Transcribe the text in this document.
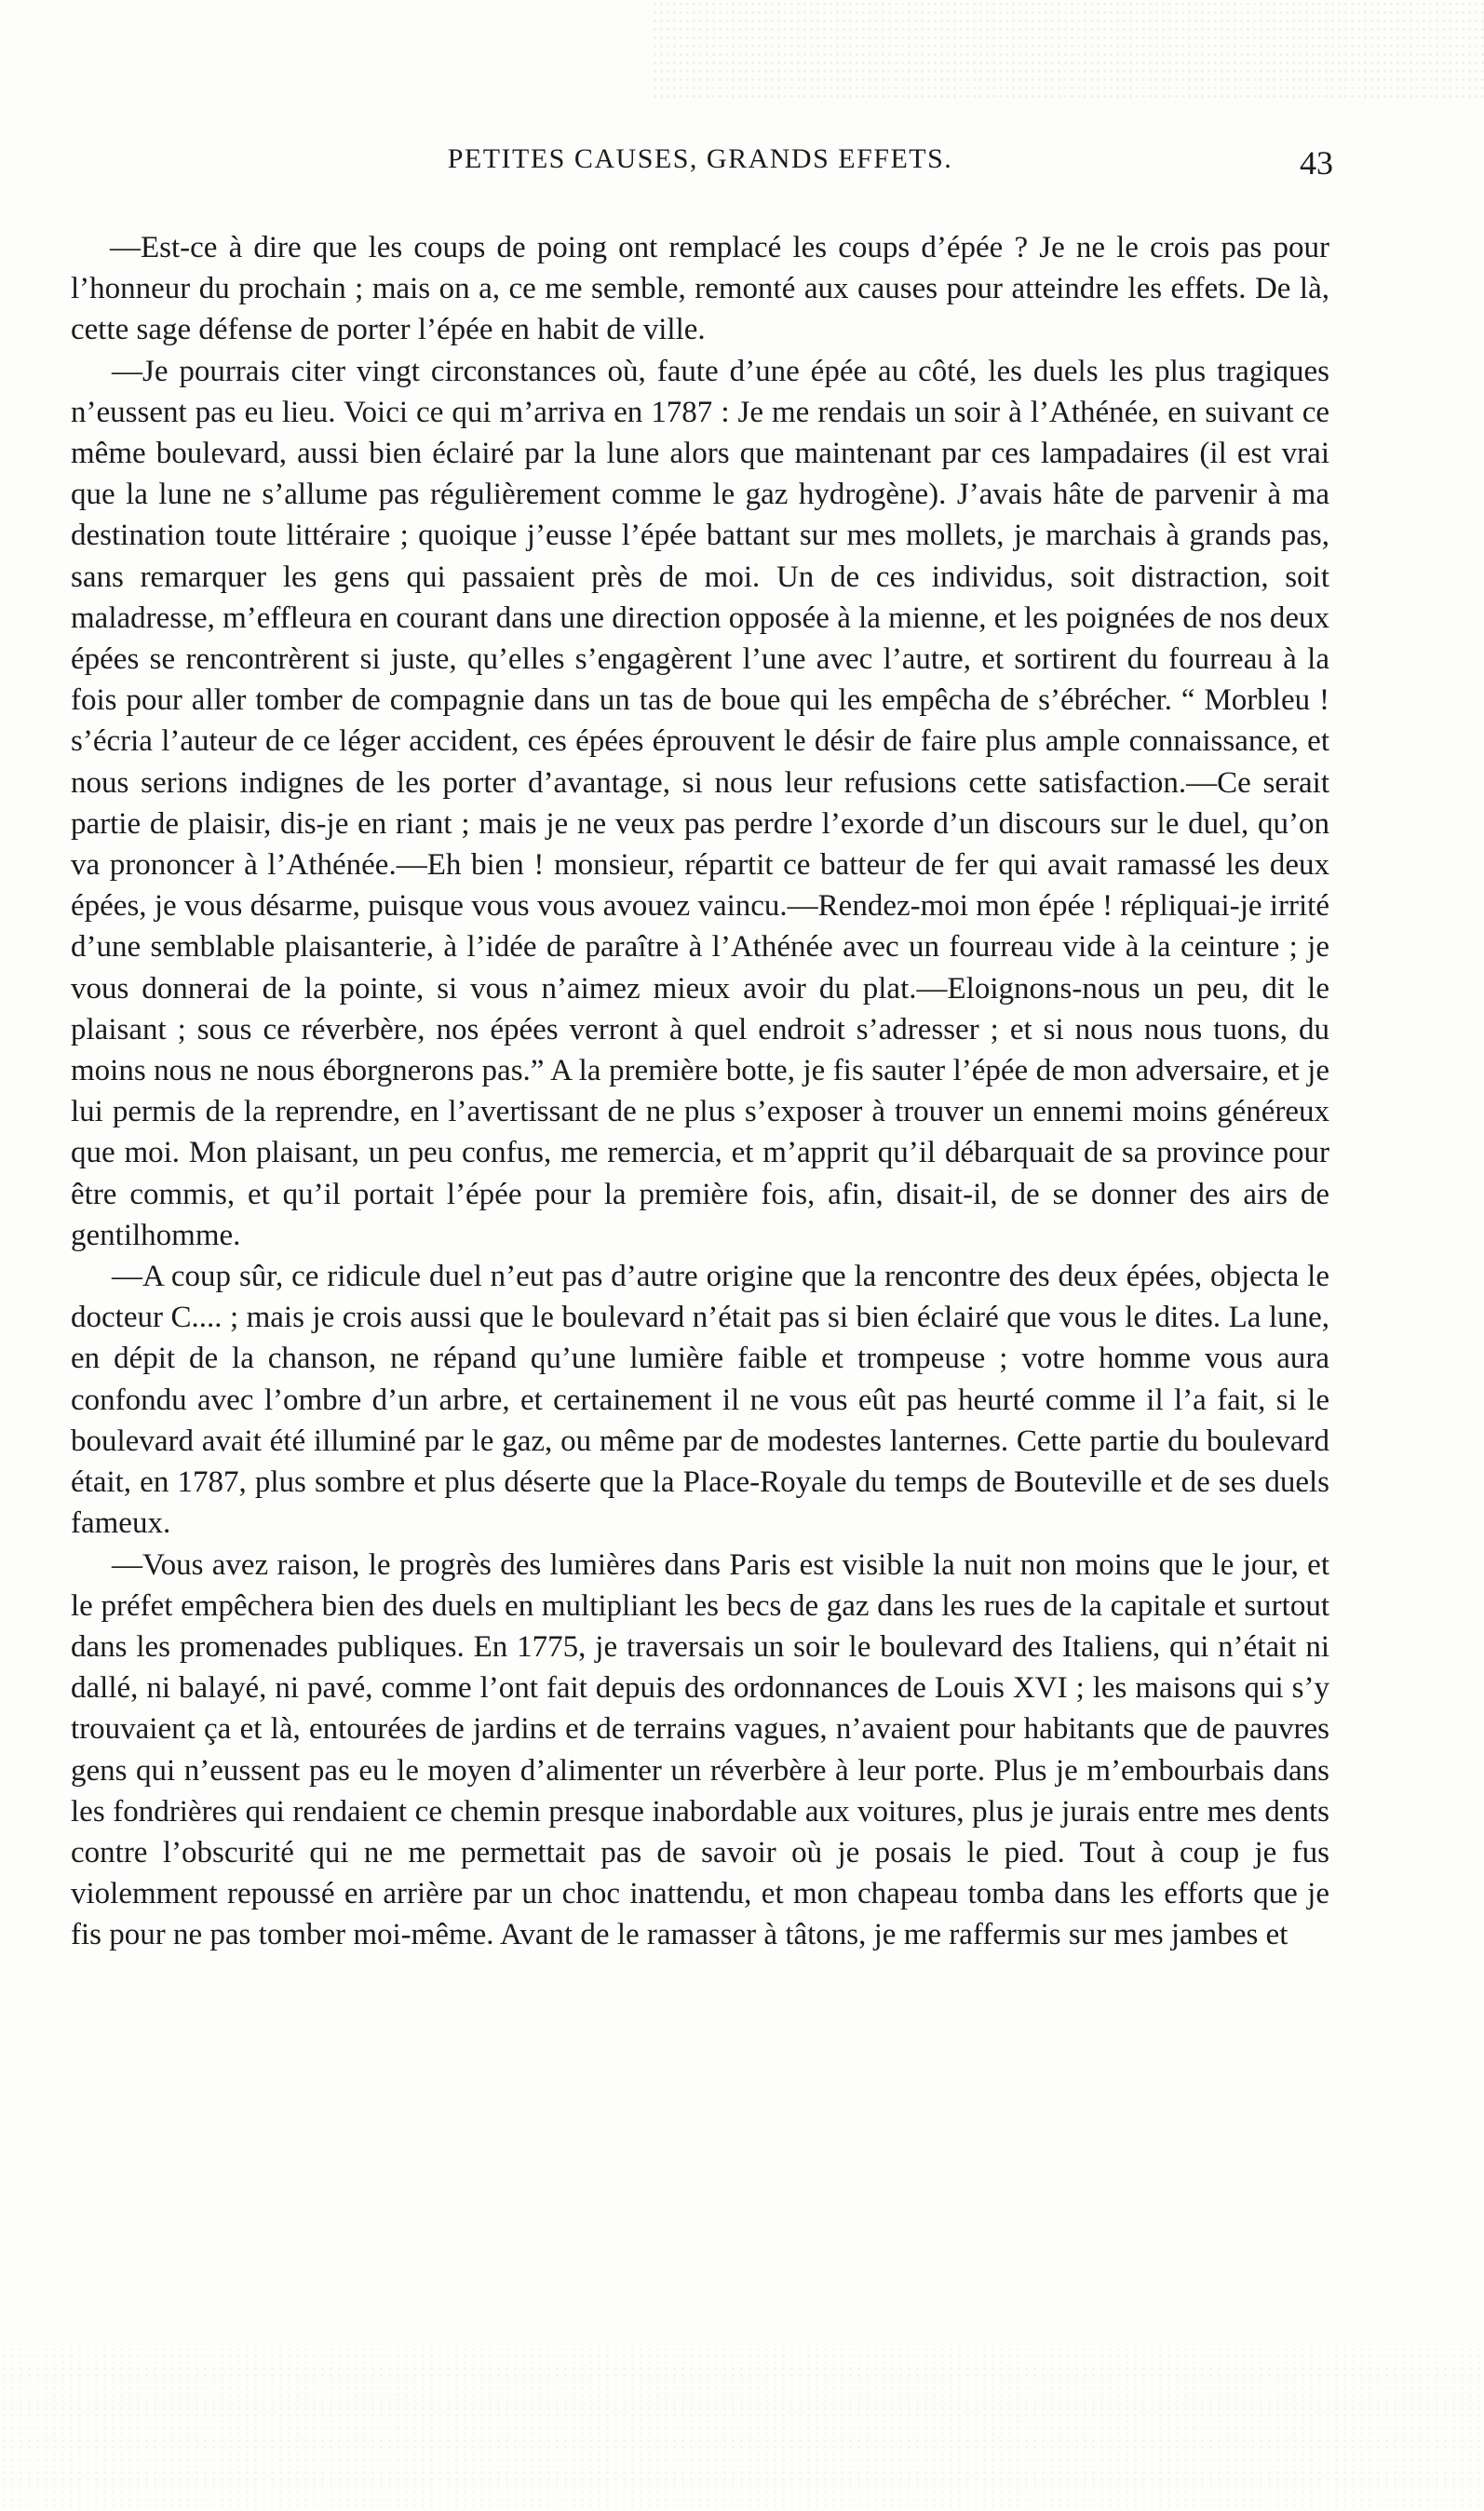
PETITES CAUSES, GRANDS EFFETS.	43

—Est-ce à dire que les coups de poing ont remplacé les coups d’épée ? Je ne le crois pas pour l’honneur du prochain ; mais on a, ce me semble, remonté aux causes pour atteindre les effets. De là, cette sage défense de porter l’épée en habit de ville.

—Je pourrais citer vingt circonstances où, faute d’une épée au côté, les duels les plus tragiques n’eussent pas eu lieu. Voici ce qui m’arriva en 1787 : Je me rendais un soir à l’Athénée, en suivant ce même boulevard, aussi bien éclairé par la lune alors que maintenant par ces lampadaires (il est vrai que la lune ne s’allume pas régulièrement comme le gaz hydrogène). J’avais hâte de parvenir à ma destination toute littéraire ; quoique j’eusse l’épée battant sur mes mollets, je marchais à grands pas, sans remarquer les gens qui passaient près de moi. Un de ces individus, soit distraction, soit maladresse, m’effleura en courant dans une direction opposée à la mienne, et les poignées de nos deux épées se rencontrèrent si juste, qu’elles s’engagèrent l’une avec l’autre, et sortirent du fourreau à la fois pour aller tomber de compagnie dans un tas de boue qui les empêcha de s’ébrécher. “ Morbleu ! s’écria l’auteur de ce léger accident, ces épées éprouvent le désir de faire plus ample connaissance, et nous serions indignes de les porter d’avantage, si nous leur refusions cette satisfaction.—Ce serait partie de plaisir, dis-je en riant ; mais je ne veux pas perdre l’exorde d’un discours sur le duel, qu’on va prononcer à l’Athénée.—Eh bien ! monsieur, répartit ce batteur de fer qui avait ramassé les deux épées, je vous désarme, puisque vous vous avouez vaincu.—Rendez-moi mon épée ! répliquai-je irrité d’une semblable plaisanterie, à l’idée de paraître à l’Athénée avec un fourreau vide à la ceinture ; je vous donnerai de la pointe, si vous n’aimez mieux avoir du plat.—Eloignons-nous un peu, dit le plaisant ; sous ce réverbère, nos épées verront à quel endroit s’adresser ; et si nous nous tuons, du moins nous ne nous éborgnerons pas.” A la première botte, je fis sauter l’épée de mon adversaire, et je lui permis de la reprendre, en l’avertissant de ne plus s’exposer à trouver un ennemi moins généreux que moi. Mon plaisant, un peu confus, me remercia, et m’apprit qu’il débarquait de sa province pour être commis, et qu’il portait l’épée pour la première fois, afin, disait-il, de se donner des airs de gentilhomme.

—A coup sûr, ce ridicule duel n’eut pas d’autre origine que la rencontre des deux épées, objecta le docteur C.... ; mais je crois aussi que le boulevard n’était pas si bien éclairé que vous le dites. La lune, en dépit de la chanson, ne répand qu’une lumière faible et trompeuse ; votre homme vous aura confondu avec l’ombre d’un arbre, et certainement il ne vous eût pas heurté comme il l’a fait, si le boulevard avait été illuminé par le gaz, ou même par de modestes lanternes. Cette partie du boulevard était, en 1787, plus sombre et plus déserte que la Place-Royale du temps de Bouteville et de ses duels fameux.

—Vous avez raison, le progrès des lumières dans Paris est visible la nuit non moins que le jour, et le préfet empêchera bien des duels en multipliant les becs de gaz dans les rues de la capitale et surtout dans les promenades publiques. En 1775, je traversais un soir le boulevard des Italiens, qui n’était ni dallé, ni balayé, ni pavé, comme l’ont fait depuis des ordonnances de Louis XVI ; les maisons qui s’y trouvaient ça et là, entourées de jardins et de terrains vagues, n’avaient pour habitants que de pauvres gens qui n’eussent pas eu le moyen d’alimenter un réverbère à leur porte. Plus je m’embourbais dans les fondrières qui rendaient ce chemin presque inabordable aux voitures, plus je jurais entre mes dents contre l’obscurité qui ne me permettait pas de savoir où je posais le pied. Tout à coup je fus violemment repoussé en arrière par un choc inattendu, et mon chapeau tomba dans les efforts que je fis pour ne pas tomber moi-même. Avant de le ramasser à tâtons, je me raffermis sur mes jambes et
